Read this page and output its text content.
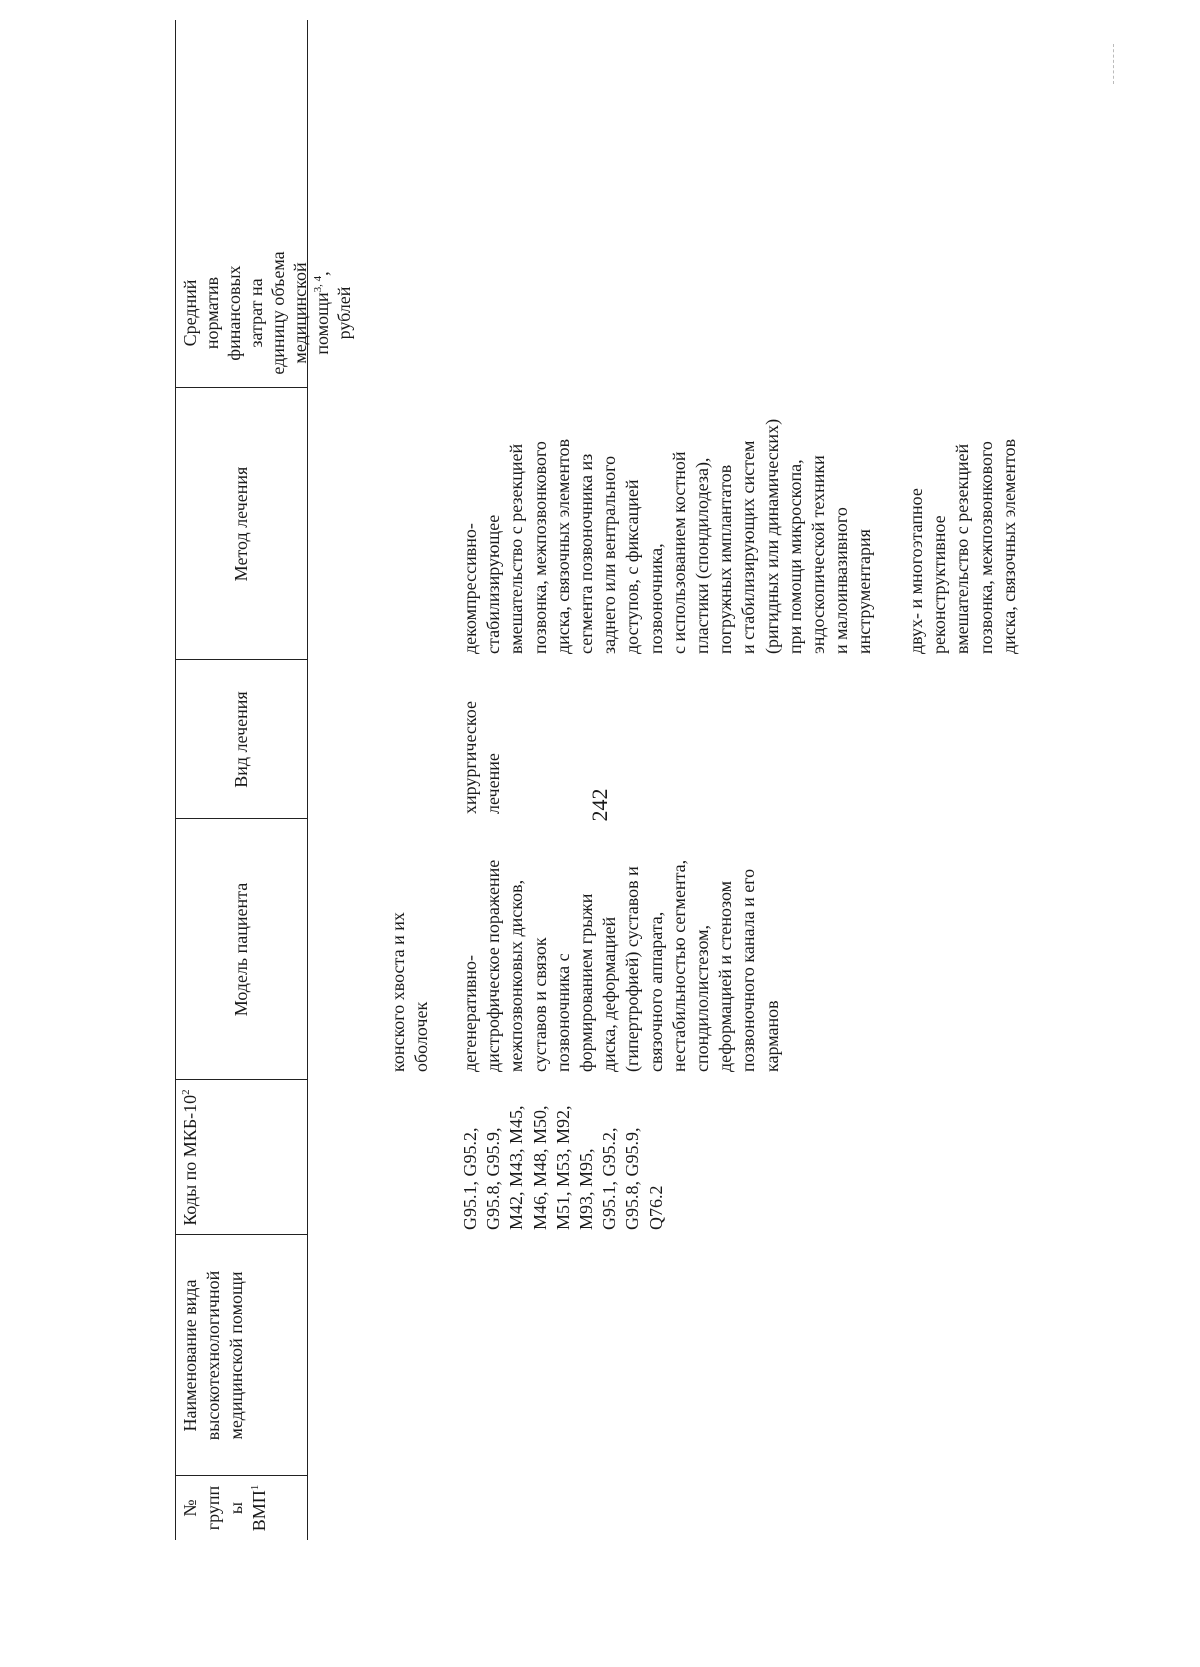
242
№
групп
ы
ВМП$^1$
Наименование вида высокотехнологичной медицинской помощи
Коды по МКБ-$10^2$
Модель пациента
Вид лечения
Метод лечения
Средний норматив финансовых затрат на единицу объема медицинской помощи$^{3, 4}$, рублей
конского хвоста и их
оболочек
G95.1, G95.2,
G95.8, G95.9,
M42, M43, M45,
M46, M48, M50,
M51, M53, M92,
M93, M95,
G95.1, G95.2,
G95.8, G95.9,
Q76.2
дегенеративно-
дистрофическое поражение
межпозвонковых дисков,
суставов и связок
позвоночника с
формированием грыжи
диска, деформацией
(гипертрофией) суставов и
связочного аппарата,
нестабильностью сегмента,
спондилолистезом,
деформацией и стенозом
позвоночного канала и его
карманов
хирургическое
лечение
декомпрессивно-
стабилизирующее
вмешательство с резекцией
позвонка, межпозвонкового
диска, связочных элементов
сегмента позвоночника из
заднего или вентрального
доступов, с фиксацией
позвоночника,
с использованием костной
пластики (спондилодеза),
погружных имплантатов
и стабилизирующих систем
(ригидных или динамических)
при помощи микроскопа,
эндоскопической техники
и малоинвазивного
инструментария двух- и многоэтапное
реконструктивное
вмешательство с резекцией
позвонка, межпозвонкового
диска, связочных элементов
